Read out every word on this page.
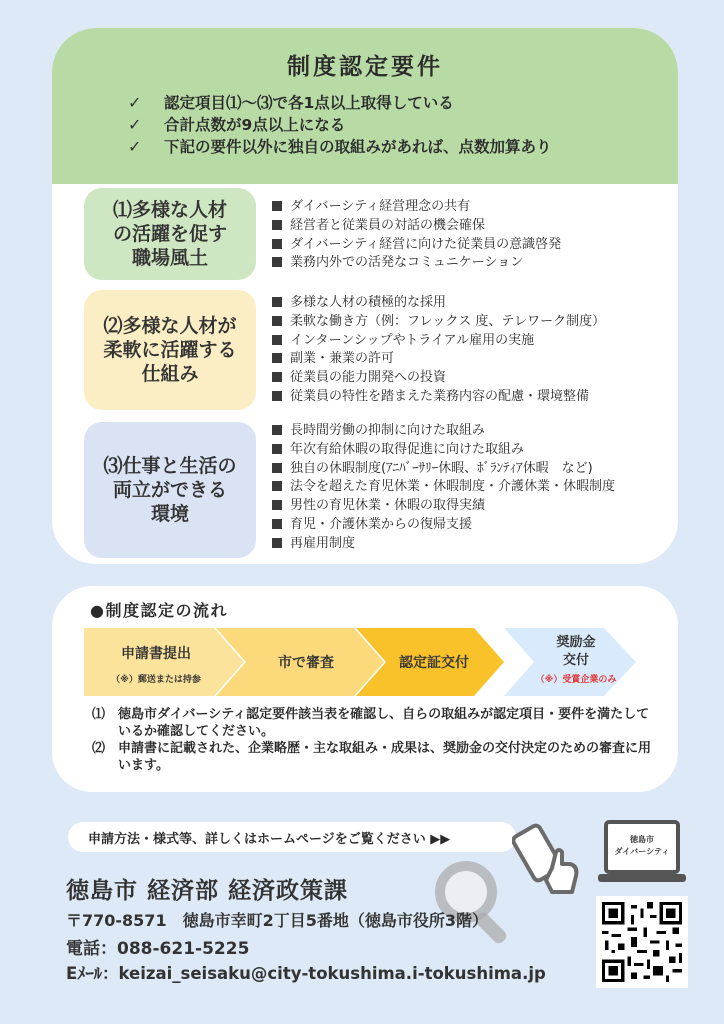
制度認定要件
✓	認定項目⑴～⑶で各1点以上取得している
✓	合計点数が9点以上になる
✓	下記の要件以外に独自の取組みがあれば、点数加算あり
⑴多様な人材
の活躍を促す
職場風土
ダイバーシティ経営理念の共有
経営者と従業員の対話の機会確保
ダイバーシティ経営に向けた従業員の意識啓発
業務内外での活発なコミュニケーション
⑵多様な人材が
柔軟に活躍する
仕組み
多様な人材の積極的な採用
柔軟な働き方（例：フレックス 度、テレワーク制度）
インターンシップやトライアル雇用の実施
副業・兼業の許可
従業員の能力開発への投資
従業員の特性を踏まえた業務内容の配慮・環境整備
⑶仕事と生活の
両立ができる
環境
長時間労働の抑制に向けた取組み
年次有給休暇の取得促進に向けた取組み
独自の休暇制度(ｱﾆﾊﾞｰｻﾘｰ休暇、ﾎﾞﾗﾝﾃｨｱ休暇　など)
法令を超えた育児休業・休暇制度・介護休業・休暇制度
男性の育児休業・休暇の取得実績
育児・介護休業からの復帰支援
再雇用制度
●制度認定の流れ
申請書提出
（※）郵送または持参
市で審査	認定証交付
奨励金
交付
（※）受賞企業のみ
⑴ 徳島市ダイバーシティ認定要件該当表を確認し、自らの取組みが認定項目・要件を満たしているか確認してください。
⑵ 申請書に記載された、企業略歴・主な取組み・成果は、奨励金の交付決定のための審査に用います。
申請方法・様式等、詳しくはホームページをご覧ください ▶▶	徳島市
ダイバーシティ
徳島市 経済部 経済政策課
〒770-8571　徳島市幸町2丁目5番地（徳島市役所3階）
電話：088-621-5225
Eﾒｰﾙ：keizai_seisaku@city-tokushima.i-tokushima.jp
